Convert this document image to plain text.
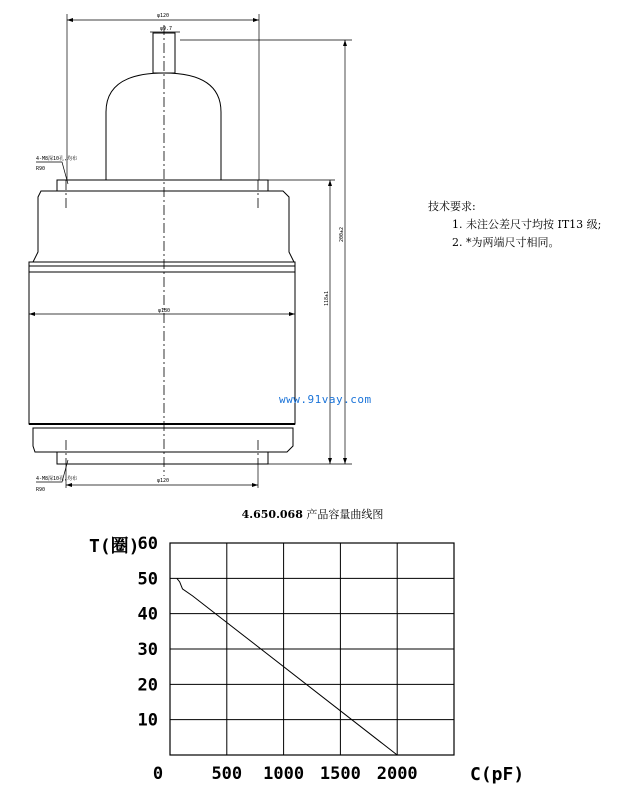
φ120
φ9.7
φ180
φ120
200±2
118±1
4-M8深10孔,均布
R90
4-M8深10孔,均布
R90
0	500 1000 1500 2000
60
50
40
30
20
10
T(圈)
C(pF)
技术要求:
1. 未注公差尺寸均按 IT13 级;
2. *为两端尺寸相同。
www.91vay.com
4.650.068 产品容量曲线图
